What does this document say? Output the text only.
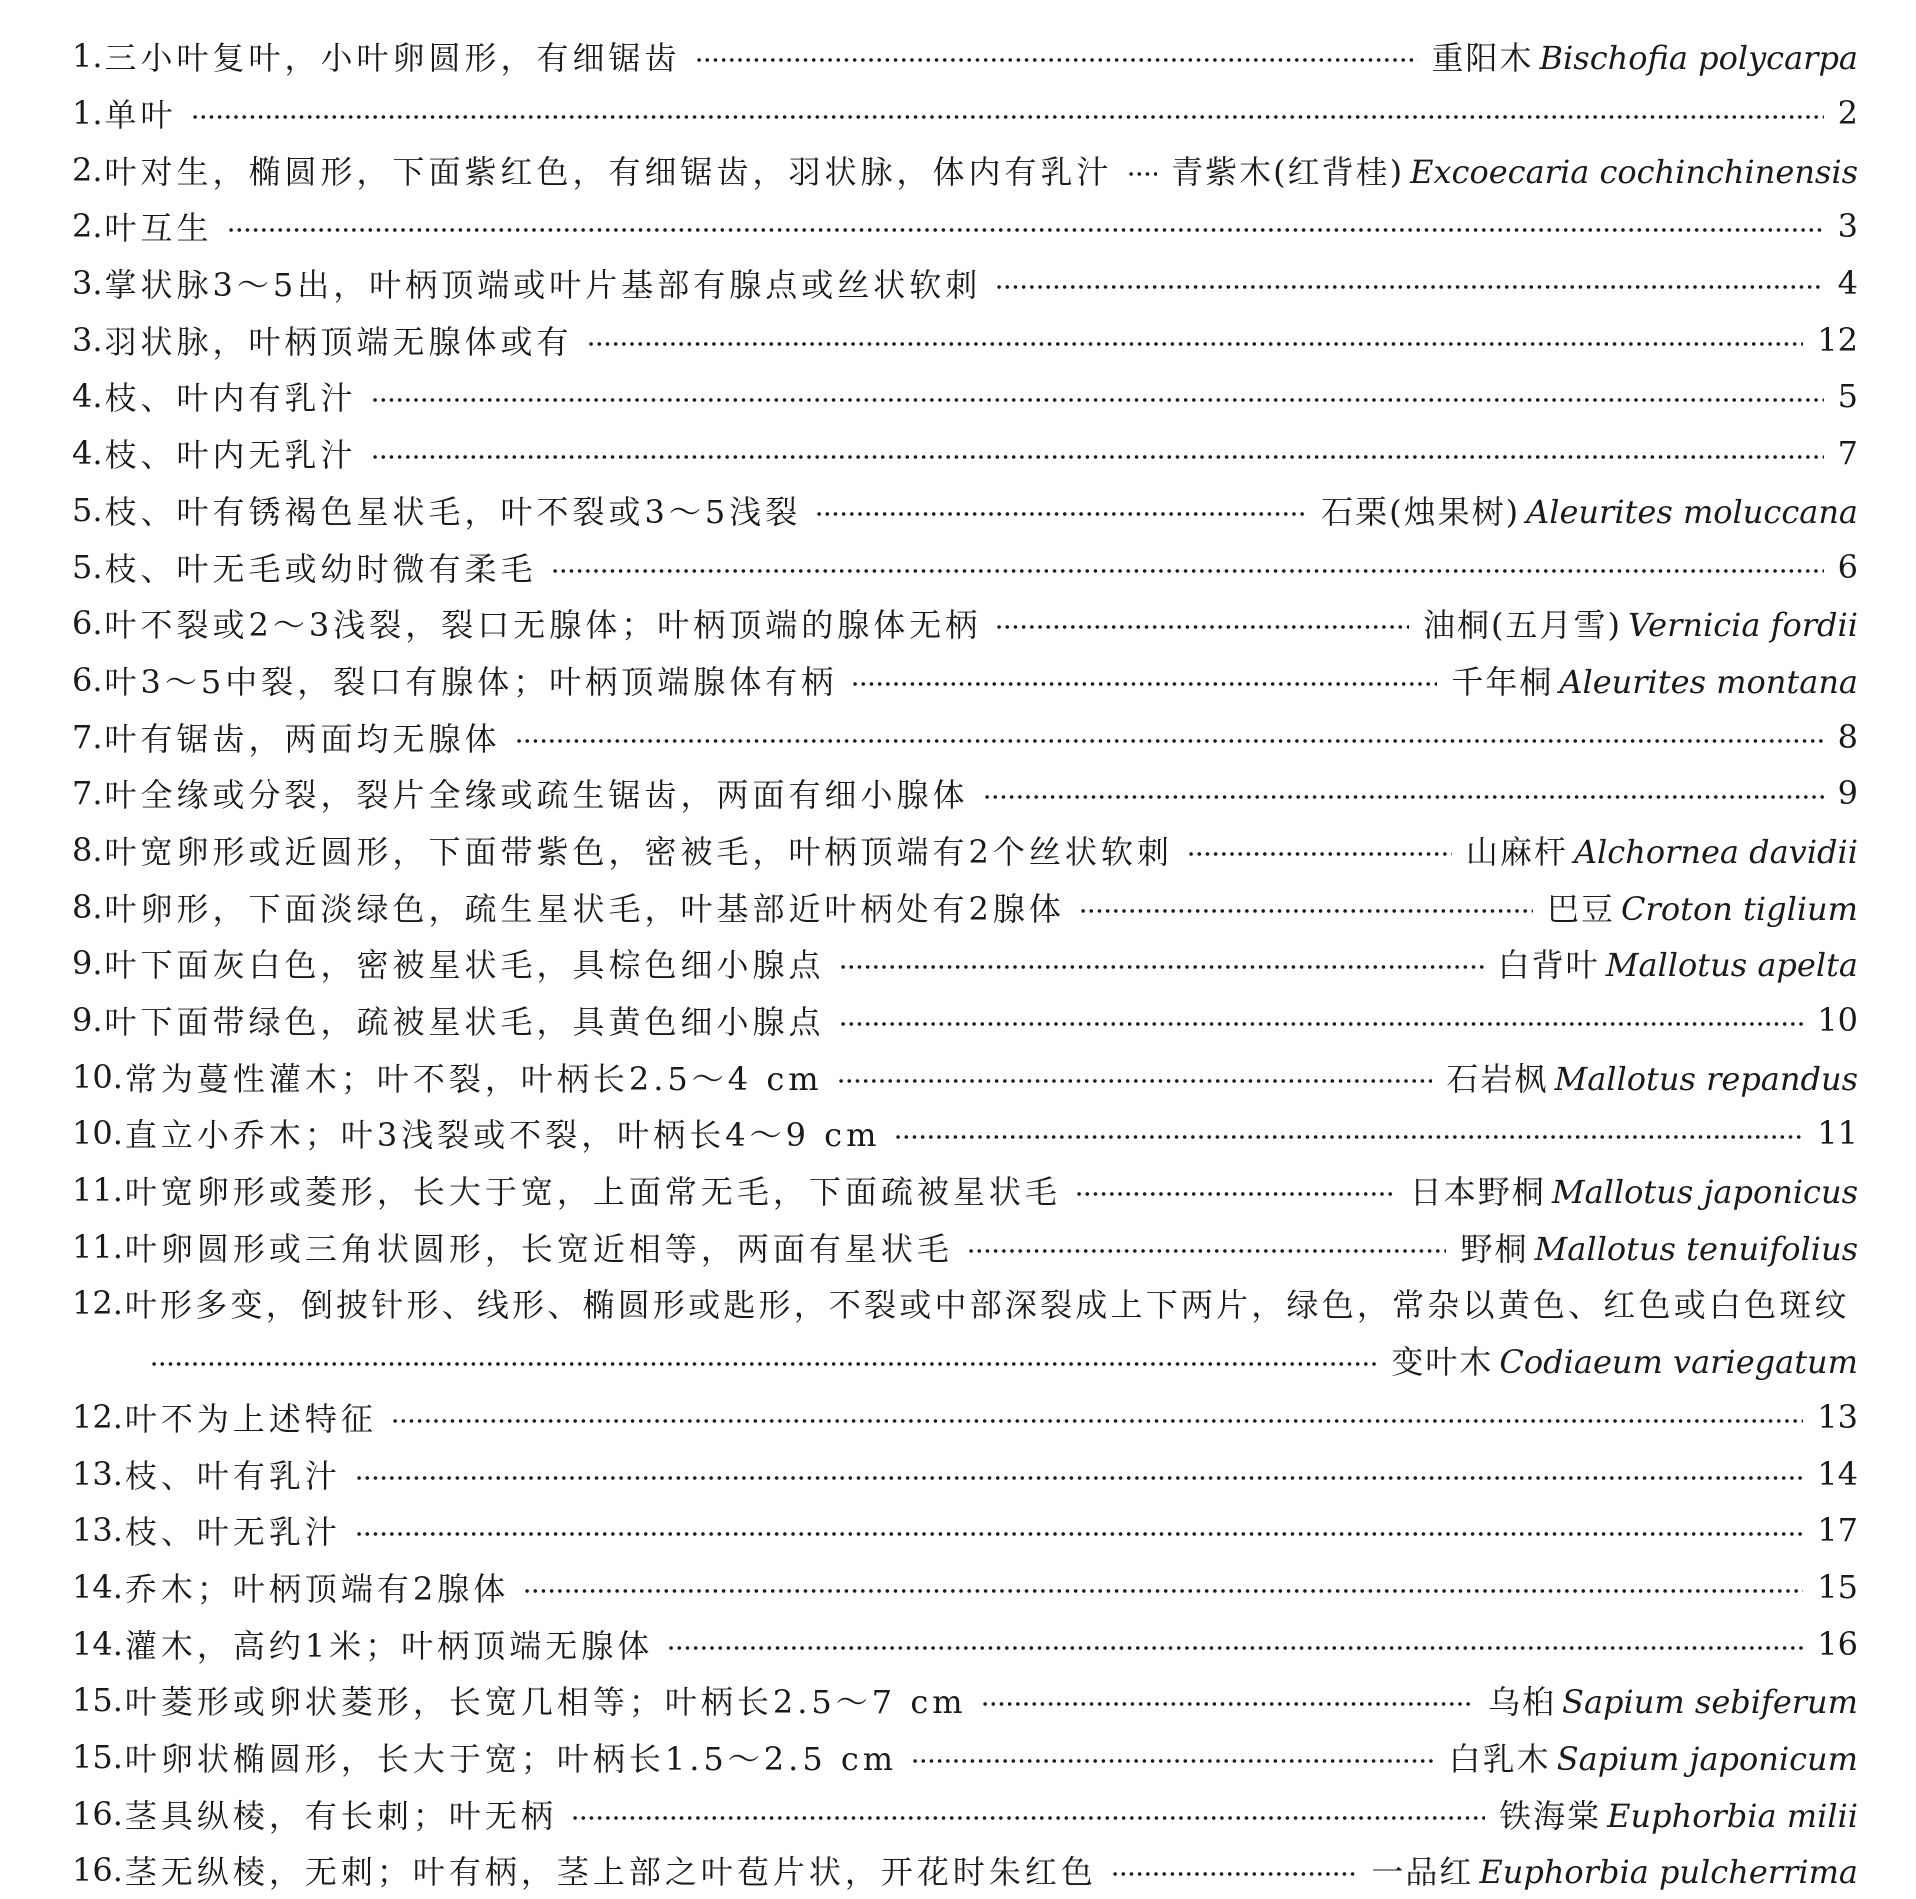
1. 三小叶复叶，小叶卵圆形，有细锯齿	重阳木 Bischofia polycarpa
1. 单叶	2
2. 叶对生，椭圆形，下面紫红色，有细锯齿，羽状脉，体内有乳汁 青紫木(红背桂) Excoecaria cochinchinensis
2. 叶互生	3
3. 掌状脉3～5出，叶柄顶端或叶片基部有腺点或丝状软刺	4
3. 羽状脉，叶柄顶端无腺体或有	12
4. 枝、叶内有乳汁	5
4. 枝、叶内无乳汁	7
5. 枝、叶有锈褐色星状毛，叶不裂或3～5浅裂	石栗(烛果树) Aleurites moluccana
5. 枝、叶无毛或幼时微有柔毛	6
6. 叶不裂或2～3浅裂，裂口无腺体；叶柄顶端的腺体无柄	油桐(五月雪) Vernicia fordii
6. 叶3～5中裂，裂口有腺体；叶柄顶端腺体有柄	千年桐 Aleurites montana
7. 叶有锯齿，两面均无腺体	8
7. 叶全缘或分裂，裂片全缘或疏生锯齿，两面有细小腺体	9
8. 叶宽卵形或近圆形，下面带紫色，密被毛，叶柄顶端有2个丝状软刺	山麻杆 Alchornea davidii
8. 叶卵形，下面淡绿色，疏生星状毛，叶基部近叶柄处有2腺体	巴豆 Croton tiglium
9. 叶下面灰白色，密被星状毛，具棕色细小腺点	白背叶 Mallotus apelta
9. 叶下面带绿色，疏被星状毛，具黄色细小腺点	10
10. 常为蔓性灌木；叶不裂，叶柄长2.5～4 cm	石岩枫 Mallotus repandus
10. 直立小乔木；叶3浅裂或不裂，叶柄长4～9 cm	11
11. 叶宽卵形或菱形，长大于宽，上面常无毛，下面疏被星状毛	日本野桐 Mallotus japonicus
11. 叶卵圆形或三角状圆形，长宽近相等，两面有星状毛	野桐 Mallotus tenuifolius
12. 叶形多变，倒披针形、线形、椭圆形或匙形，不裂或中部深裂成上下两片，绿色，常杂以黄色、红色或白色斑纹
变叶木 Codiaeum variegatum
12. 叶不为上述特征	13
13. 枝、叶有乳汁	14
13. 枝、叶无乳汁	17
14. 乔木；叶柄顶端有2腺体	15
14. 灌木，高约1米；叶柄顶端无腺体	16
15. 叶菱形或卵状菱形，长宽几相等；叶柄长2.5～7 cm	乌桕 Sapium sebiferum
15. 叶卵状椭圆形，长大于宽；叶柄长1.5～2.5 cm	白乳木 Sapium japonicum
16. 茎具纵棱，有长刺；叶无柄	铁海棠 Euphorbia milii
16. 茎无纵棱，无刺；叶有柄，茎上部之叶苞片状，开花时朱红色	一品红 Euphorbia pulcherrima
